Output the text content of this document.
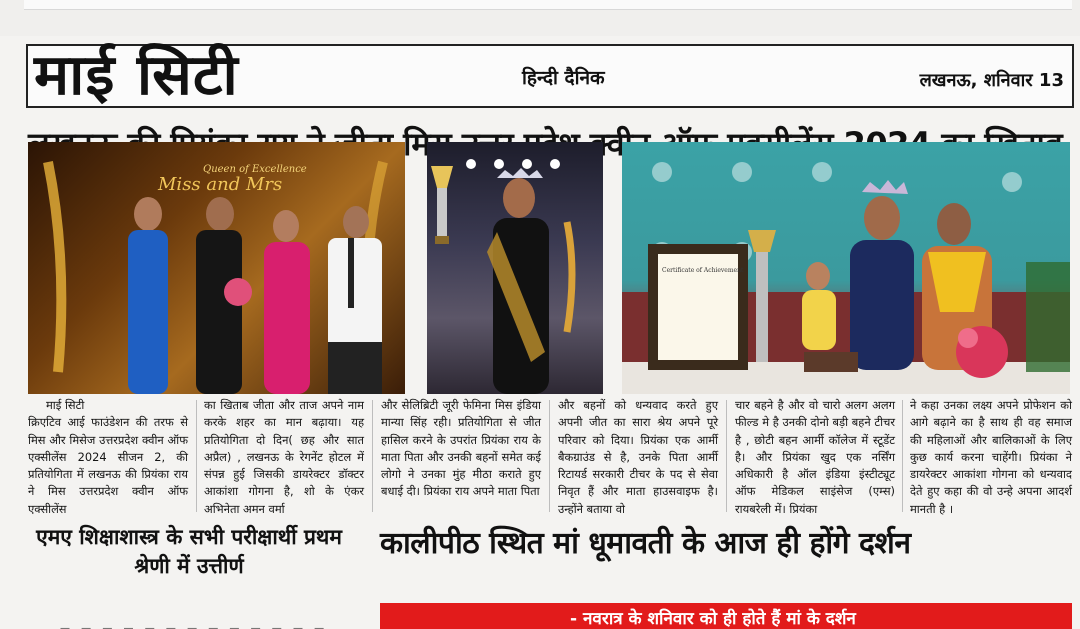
माई सिटी	हिन्दी दैनिक	लखनऊ, शनिवार 13
क्वीन
Queen of Excellence
Miss and Mrs
Certificate of Achievement
माई सिटी
क्रिएटिव आई फाउंडेशन की तरफ से मिस और मिसेज उत्तरप्रदेश क्वीन ऑफ एक्सीलेंस 2024 सीजन 2, की प्रतियोगिता में लखनऊ की प्रियंका राय ने मिस उत्तरप्रदेश क्वीन ऑफ एक्सीलेंस
का खिताब जीता और ताज अपने नाम करके शहर का मान बढ़ाया। यह प्रतियोगिता दो दिन( छह और सात अप्रैल) , लखनऊ के रेगनेंट होटल में संपन्न हुई जिसकी डायरेक्टर डॉक्टर आकांशा गोगना है, शो के एंकर अभिनेता अमन वर्मा
और सेलिब्रिटी जूरी फेमिना मिस इंडिया मान्या सिंह रही। प्रतियोगिता से जीत हासिल करने के उपरांत प्रियंका राय के माता पिता और उनकी बहनों समेत कई लोगो ने उनका मुंह मीठा कराते हुए बधाई दी। प्रियंका राय अपने माता पिता
और बहनों को धन्यवाद करते हुए अपनी जीत का सारा श्रेय अपने पूरे परिवार को दिया। प्रियंका एक आर्मी बैकग्राउंड से है, उनके पिता आर्मी रिटायर्ड सरकारी टीचर के पद से सेवा निवृत हैं और माता हाउसवाइफ है। उन्होंने बताया वो
चार बहने है और वो चारो अलग अलग फील्ड मे है उनकी दोनो बड़ी बहने टीचर है , छोटी बहन आर्मी कॉलेज में स्टूडेंट है। और प्रियंका खुद एक नर्सिंग अधिकारी है ऑल इंडिया इंस्टीट्यूट ऑफ मेडिकल साइंसेज (एम्स) रायबरेली में। प्रियंका
ने कहा उनका लक्ष्य अपने प्रोफेशन को आगे बढ़ाने का है साथ ही वह समाज की महिलाओं और बालिकाओं के लिए कुछ कार्य करना चाहेंगी। प्रियंका ने डायरेक्टर आकांशा गोगना को धन्यवाद देते हुए कहा की वो उन्हे अपना आदर्श मानती है ।
एमए शिक्षाशास्त्र के सभी परीक्षार्थी प्रथम श्रेणी में उत्तीर्ण
— — — — — — — — — — — — —
कालीपीठ स्थित मां धूमावती के आज ही होंगे दर्शन
- नवरात्र के शनिवार को ही होते हैं मां के दर्शन
